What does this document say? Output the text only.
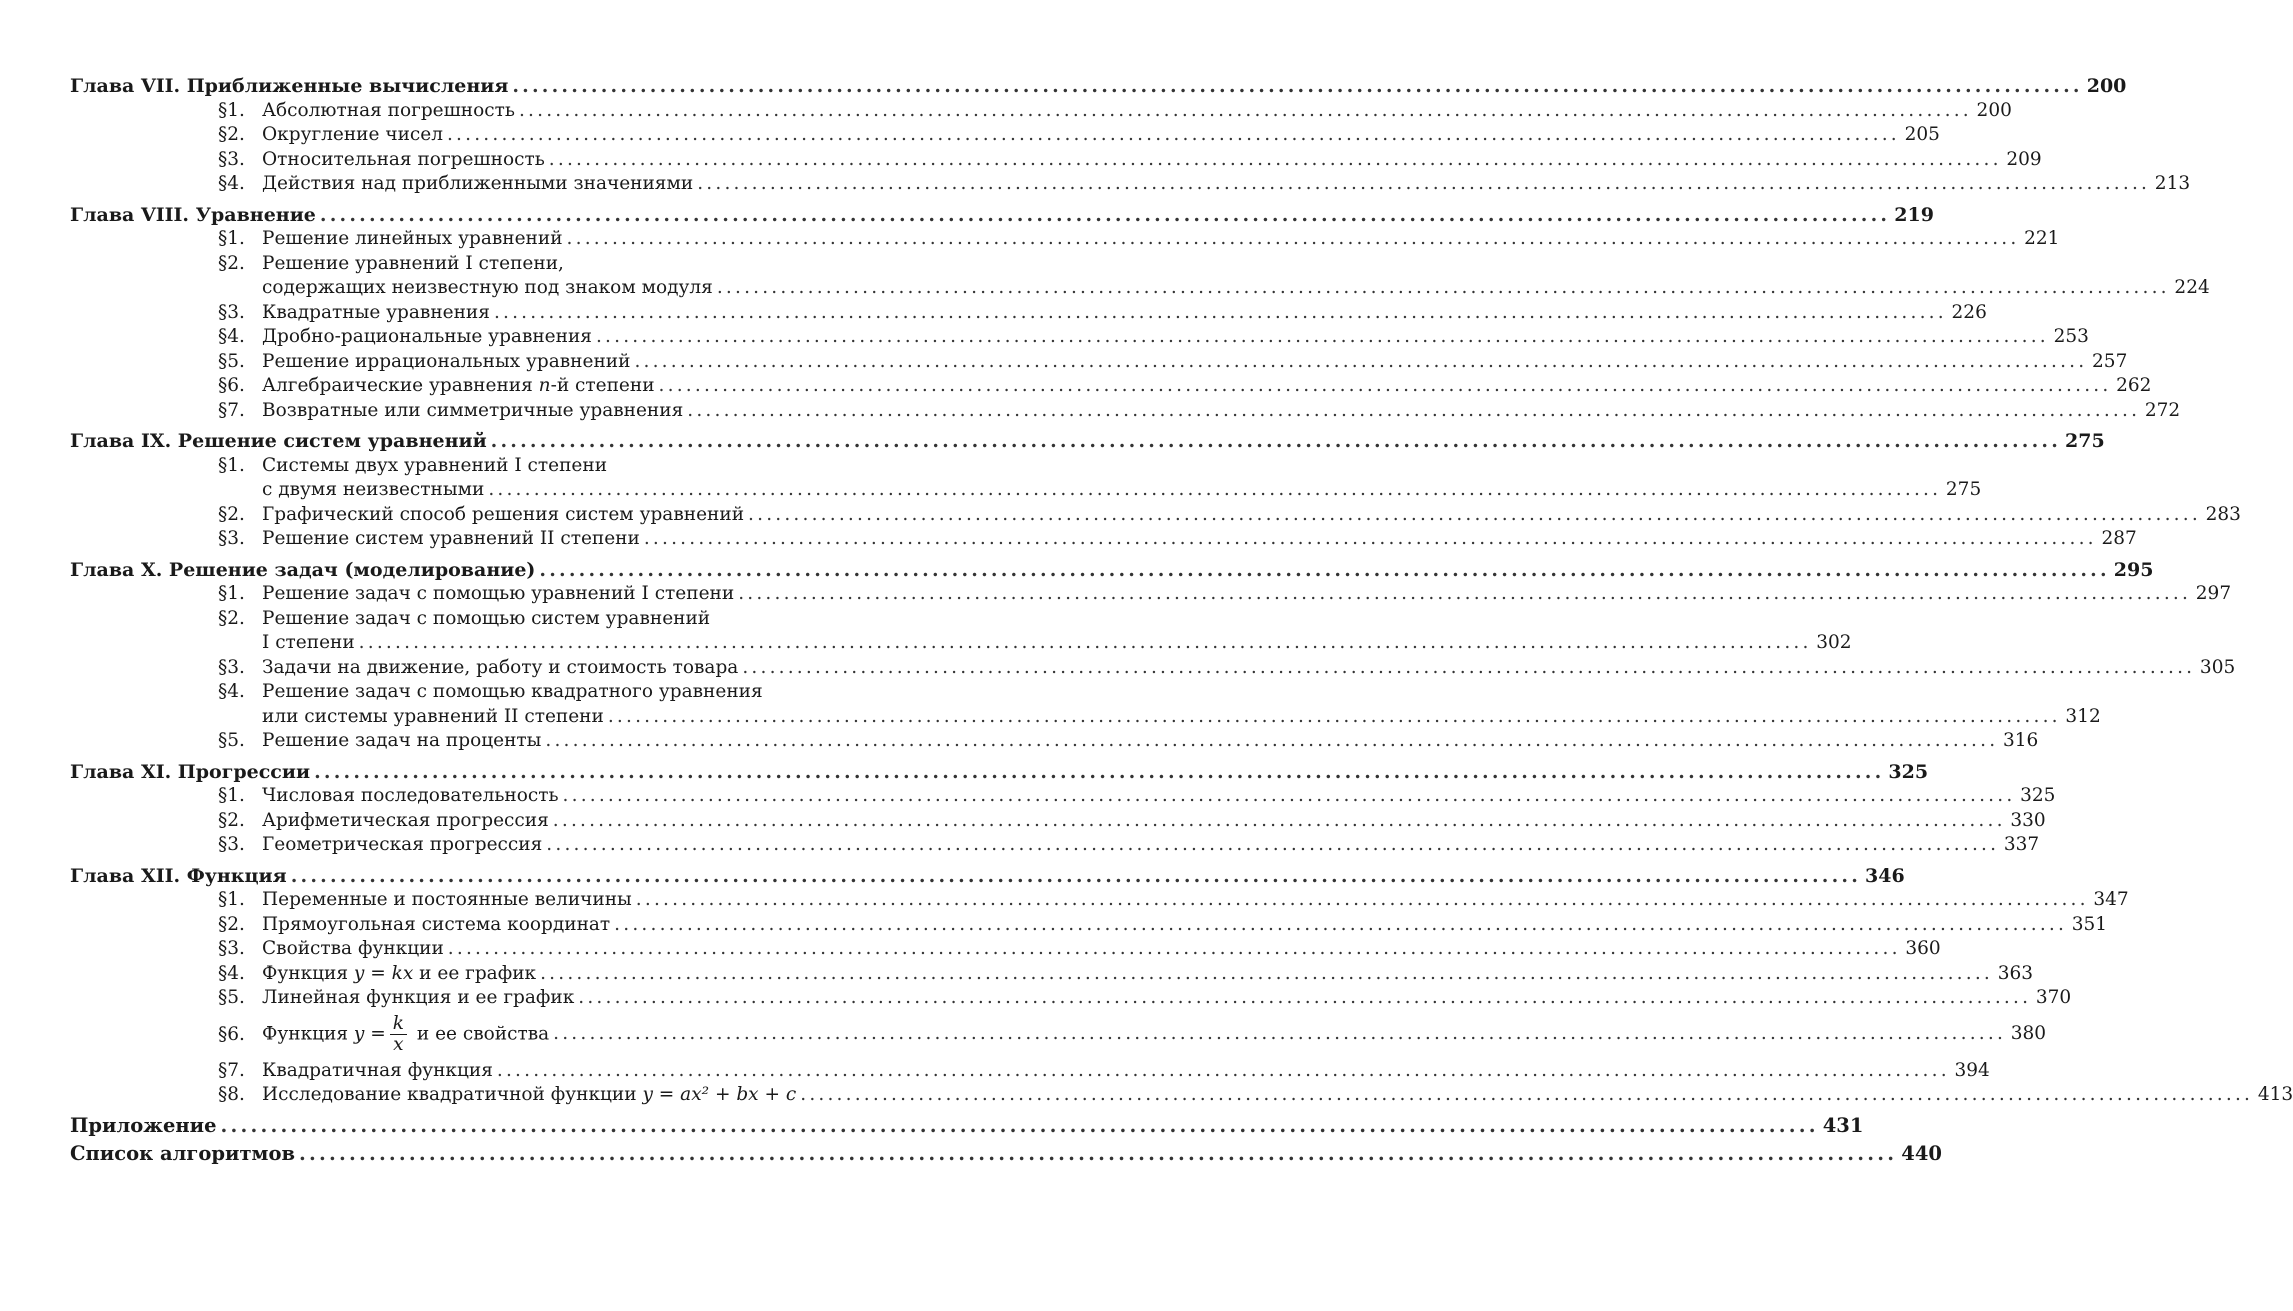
Глава VII. Приближенные вычисления ................................................................................................................................................................ 200
§1. Абсолютная погрешность ................................................................................................................................................................ 200
§2. Округление чисел ................................................................................................................................................................ 205
§3. Относительная погрешность ................................................................................................................................................................ 209
§4. Действия над приближенными значениями ................................................................................................................................................................ 213
Глава VIII. Уравнение ................................................................................................................................................................ 219
§1. Решение линейных уравнений ................................................................................................................................................................ 221
§2. Решение уравнений I степени,
содержащих неизвестную под знаком модуля ................................................................................................................................................................ 224
§3. Квадратные уравнения ................................................................................................................................................................ 226
§4. Дробно-рациональные уравнения ................................................................................................................................................................ 253
§5. Решение иррациональных уравнений ................................................................................................................................................................ 257
§6. Алгебраические уравнения n-й степени ................................................................................................................................................................ 262
§7. Возвратные или симметричные уравнения ................................................................................................................................................................ 272
Глава IX. Решение систем уравнений ................................................................................................................................................................ 275
§1. Системы двух уравнений I степени
с двумя неизвестными ................................................................................................................................................................ 275
§2. Графический способ решения систем уравнений ................................................................................................................................................................ 283
§3. Решение систем уравнений II степени ................................................................................................................................................................ 287
Глава X. Решение задач (моделирование) ................................................................................................................................................................ 295
§1. Решение задач с помощью уравнений I степени ................................................................................................................................................................ 297
§2. Решение задач с помощью систем уравнений
I степени ................................................................................................................................................................ 302
§3. Задачи на движение, работу и стоимость товара ................................................................................................................................................................ 305
§4. Решение задач с помощью квадратного уравнения
или системы уравнений II степени ................................................................................................................................................................ 312
§5. Решение задач на проценты ................................................................................................................................................................ 316
Глава XI. Прогрессии ................................................................................................................................................................ 325
§1. Числовая последовательность ................................................................................................................................................................ 325
§2. Арифметическая прогрессия ................................................................................................................................................................ 330
§3. Геометрическая прогрессия ................................................................................................................................................................ 337
Глава XII. Функция ................................................................................................................................................................ 346
§1. Переменные и постоянные величины ................................................................................................................................................................ 347
§2. Прямоугольная система координат ................................................................................................................................................................ 351
§3. Свойства функции ................................................................................................................................................................ 360
§4. Функция y = kx и ее график ................................................................................................................................................................ 363
§5. Линейная функция и ее график ................................................................................................................................................................ 370
§6. Функция $y = \frac{k}{x}$ и ее свойства ................................................................................................................................................................ 380
§7. Квадратичная функция ................................................................................................................................................................ 394
§8. Исследование квадратичной функции y = ax² + bx + c ................................................................................................................................................................ 413
Приложение ................................................................................................................................................................ 431
Список алгоритмов ................................................................................................................................................................ 440
